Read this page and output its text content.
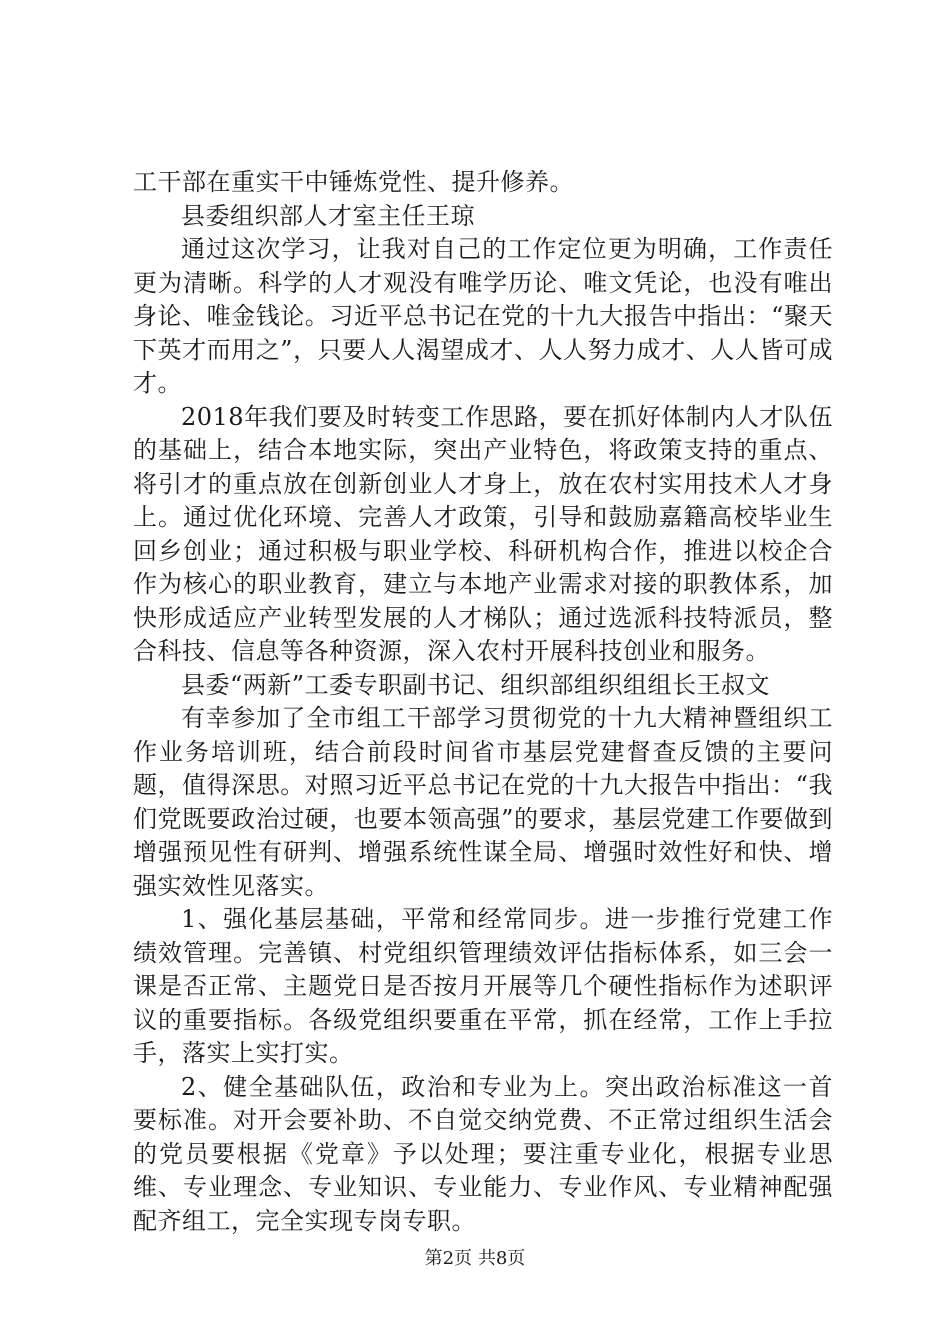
工干部在重实干中锤炼党性、提升修养。

县委组织部人才室主任王琼

通过这次学习，让我对自己的工作定位更为明确，工作责任更为清晰。科学的人才观没有唯学历论、唯文凭论，也没有唯出身论、唯金钱论。习近平总书记在党的十九大报告中指出：“聚天下英才而用之”，只要人人渴望成才、人人努力成才、人人皆可成才。

2018年我们要及时转变工作思路，要在抓好体制内人才队伍的基础上，结合本地实际，突出产业特色，将政策支持的重点、将引才的重点放在创新创业人才身上，放在农村实用技术人才身上。通过优化环境、完善人才政策，引导和鼓励嘉籍高校毕业生回乡创业；通过积极与职业学校、科研机构合作，推进以校企合作为核心的职业教育，建立与本地产业需求对接的职教体系，加快形成适应产业转型发展的人才梯队；通过选派科技特派员，整合科技、信息等各种资源，深入农村开展科技创业和服务。

县委“两新”工委专职副书记、组织部组织组组长王叔文

有幸参加了全市组工干部学习贯彻党的十九大精神暨组织工作业务培训班，结合前段时间省市基层党建督查反馈的主要问题，值得深思。对照习近平总书记在党的十九大报告中指出：“我们党既要政治过硬，也要本领高强”的要求，基层党建工作要做到增强预见性有研判、增强系统性谋全局、增强时效性好和快、增强实效性见落实。

1、强化基层基础，平常和经常同步。进一步推行党建工作绩效管理。完善镇、村党组织管理绩效评估指标体系，如三会一课是否正常、主题党日是否按月开展等几个硬性指标作为述职评议的重要指标。各级党组织要重在平常，抓在经常，工作上手拉手，落实上实打实。

2、健全基础队伍，政治和专业为上。突出政治标准这一首要标准。对开会要补助、不自觉交纳党费、不正常过组织生活会的党员要根据《党章》予以处理；要注重专业化，根据专业思维、专业理念、专业知识、专业能力、专业作风、专业精神配强配齐组工，完全实现专岗专职。

第2页 共8页
